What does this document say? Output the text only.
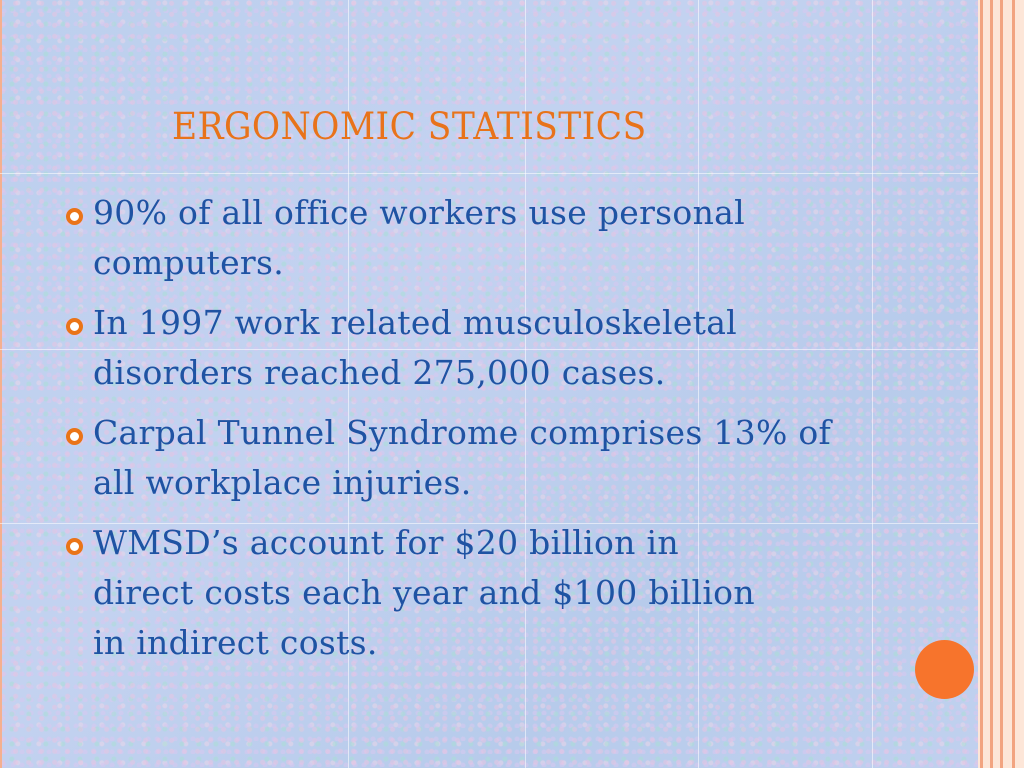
ERGONOMIC STATISTICS
90% of all office workers use personal computers.
In 1997 work related musculoskeletal disorders reached 275,000 cases.
Carpal Tunnel Syndrome comprises 13% of all workplace injuries.
WMSD’s account for $20 billion in direct costs each year and $100 billion in indirect costs.
